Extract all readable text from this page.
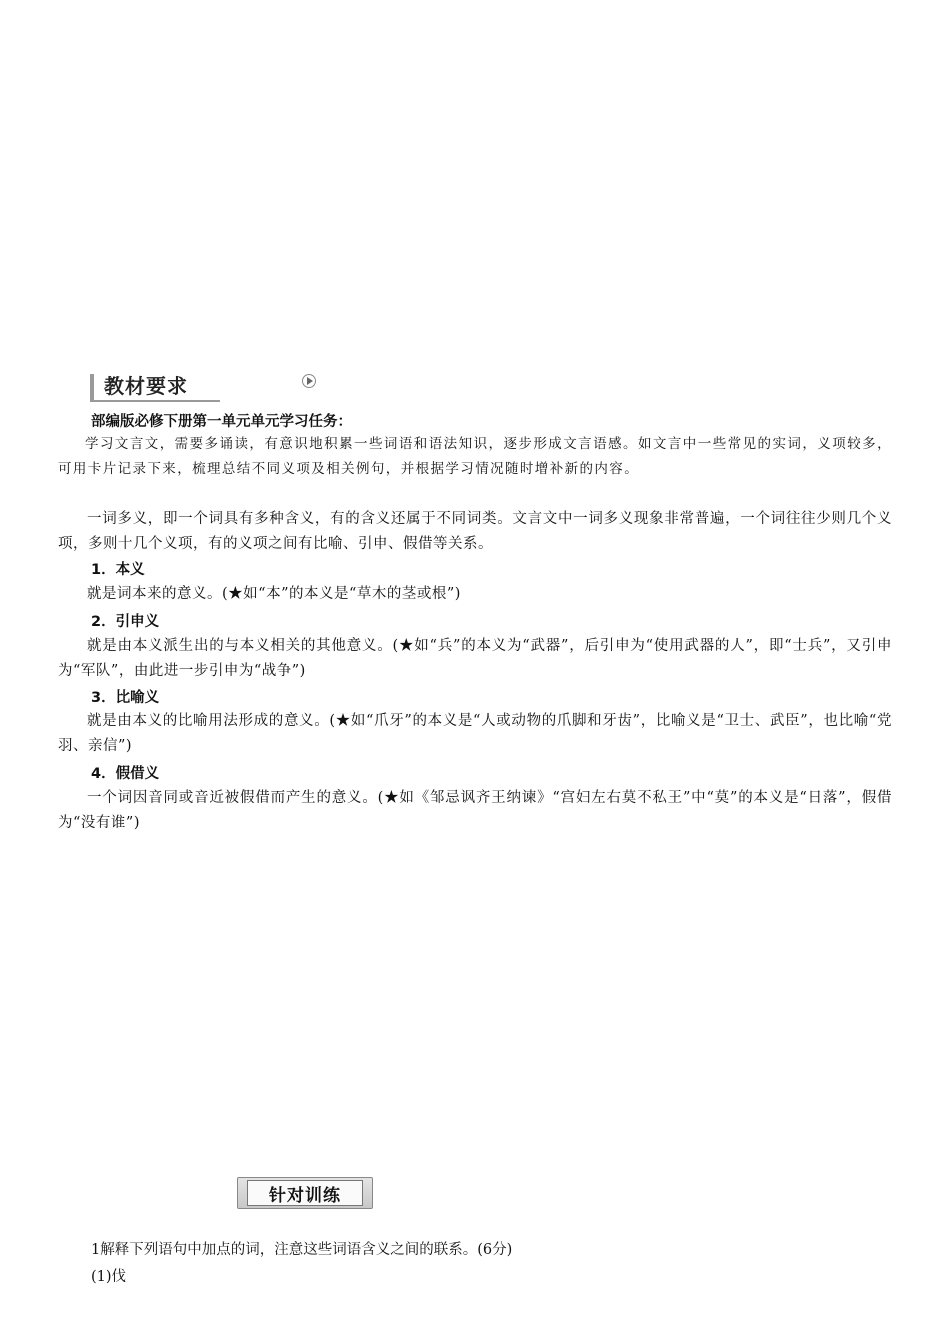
教材要求
部编版必修下册第一单元单元学习任务：
学习文言文，需要多诵读，有意识地积累一些词语和语法知识，逐步形成文言语感。如文言中一些常见的实词，义项较多，可用卡片记录下来，梳理总结不同义项及相关例句，并根据学习情况随时增补新的内容。
一词多义，即一个词具有多种含义，有的含义还属于不同词类。文言文中一词多义现象非常普遍，一个词往往少则几个义项，多则十几个义项，有的义项之间有比喻、引申、假借等关系。
1．本义
就是词本来的意义。(★如“本”的本义是“草木的茎或根”)
2．引申义
就是由本义派生出的与本义相关的其他意义。(★如“兵”的本义为“武器”，后引申为“使用武器的人”，即“士兵”，又引申为“军队”，由此进一步引申为“战争”)
3．比喻义
就是由本义的比喻用法形成的意义。(★如“爪牙”的本义是“人或动物的爪脚和牙齿”，比喻义是“卫士、武臣”，也比喻“党羽、亲信”)
4．假借义
一个词因音同或音近被假借而产生的意义。(★如《邹忌讽齐王纳谏》“宫妇左右莫不私王”中“莫”的本义是“日落”，假借为“没有谁”)
针对训练
1解释下列语句中加点的词，注意这些词语含义之间的联系。(6分)
(1)伐
